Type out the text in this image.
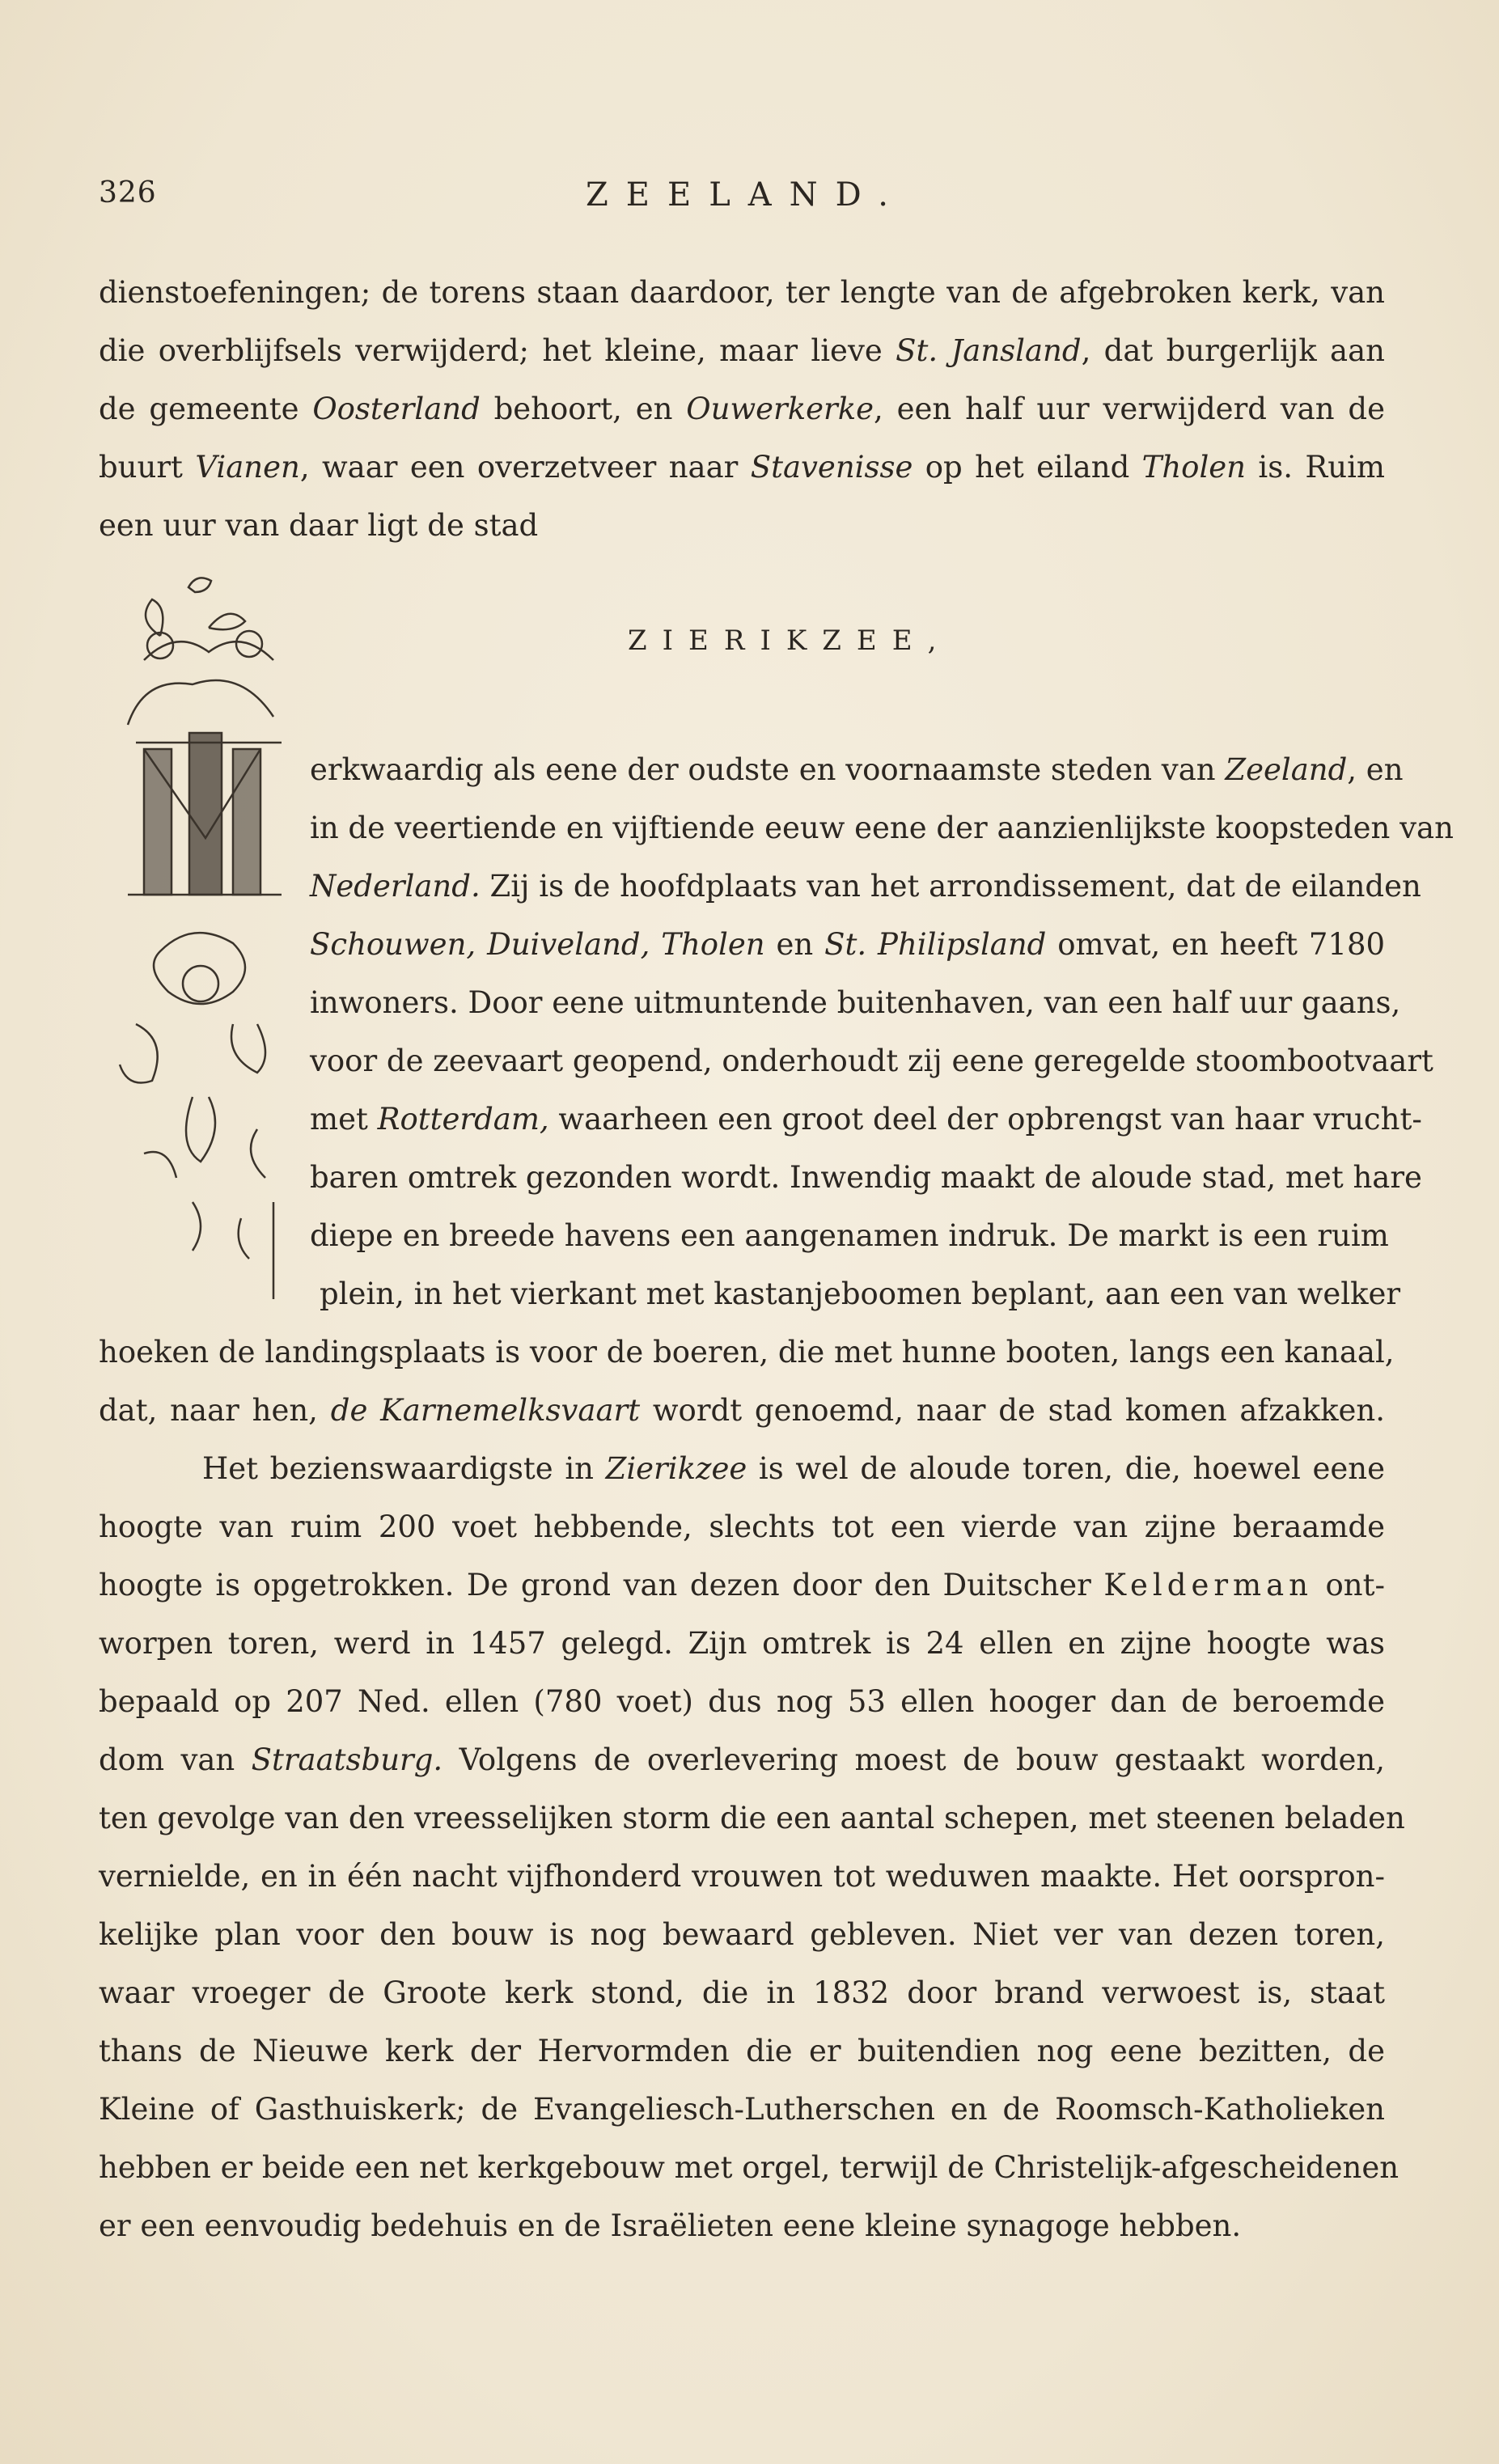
326	ZEELAND.
dienstoefeningen; de torens staan daardoor, ter lengte van de afgebroken kerk, van
die overblijfsels verwijderd; het kleine, maar lieve St. Jansland, dat burgerlijk aan
de gemeente Oosterland behoort, en Ouwerkerke, een half uur verwijderd van de
buurt Vianen, waar een overzetveer naar Stavenisse op het eiland Tholen is. Ruim
een uur van daar ligt de stad
ZIERIKZEE,
erkwaardig als eene der oudste en voornaamste steden van Zeeland, en
in de veertiende en vijftiende eeuw eene der aanzienlijkste koopsteden van
Nederland. Zij is de hoofdplaats van het arrondissement, dat de eilanden
Schouwen, Duiveland, Tholen en St. Philipsland omvat, en heeft 7180
inwoners. Door eene uitmuntende buitenhaven, van een half uur gaans,
voor de zeevaart geopend, onderhoudt zij eene geregelde stoombootvaart
met Rotterdam, waarheen een groot deel der opbrengst van haar vrucht-
baren omtrek gezonden wordt. Inwendig maakt de aloude stad, met hare
diepe en breede havens een aangenamen indruk. De markt is een ruim
plein, in het vierkant met kastanjeboomen beplant, aan een van welker
hoeken de landingsplaats is voor de boeren, die met hunne booten, langs een kanaal,
dat, naar hen, de Karnemelksvaart wordt genoemd, naar de stad komen afzakken.
Het bezienswaardigste in Zierikzee is wel de aloude toren, die, hoewel eene
hoogte van ruim 200 voet hebbende, slechts tot een vierde van zijne beraamde
hoogte is opgetrokken. De grond van dezen door den Duitscher Kelderman ont-
worpen toren, werd in 1457 gelegd. Zijn omtrek is 24 ellen en zijne hoogte was
bepaald op 207 Ned. ellen (780 voet) dus nog 53 ellen hooger dan de beroemde
dom van Straatsburg. Volgens de overlevering moest de bouw gestaakt worden,
ten gevolge van den vreesselijken storm die een aantal schepen, met steenen beladen
vernielde, en in één nacht vijfhonderd vrouwen tot weduwen maakte. Het oorspron-
kelijke plan voor den bouw is nog bewaard gebleven. Niet ver van dezen toren,
waar vroeger de Groote kerk stond, die in 1832 door brand verwoest is, staat
thans de Nieuwe kerk der Hervormden die er buitendien nog eene bezitten, de
Kleine of Gasthuiskerk; de Evangeliesch-Lutherschen en de Roomsch-Katholieken
hebben er beide een net kerkgebouw met orgel, terwijl de Christelijk-afgescheidenen
er een eenvoudig bedehuis en de Israëlieten eene kleine synagoge hebben.
